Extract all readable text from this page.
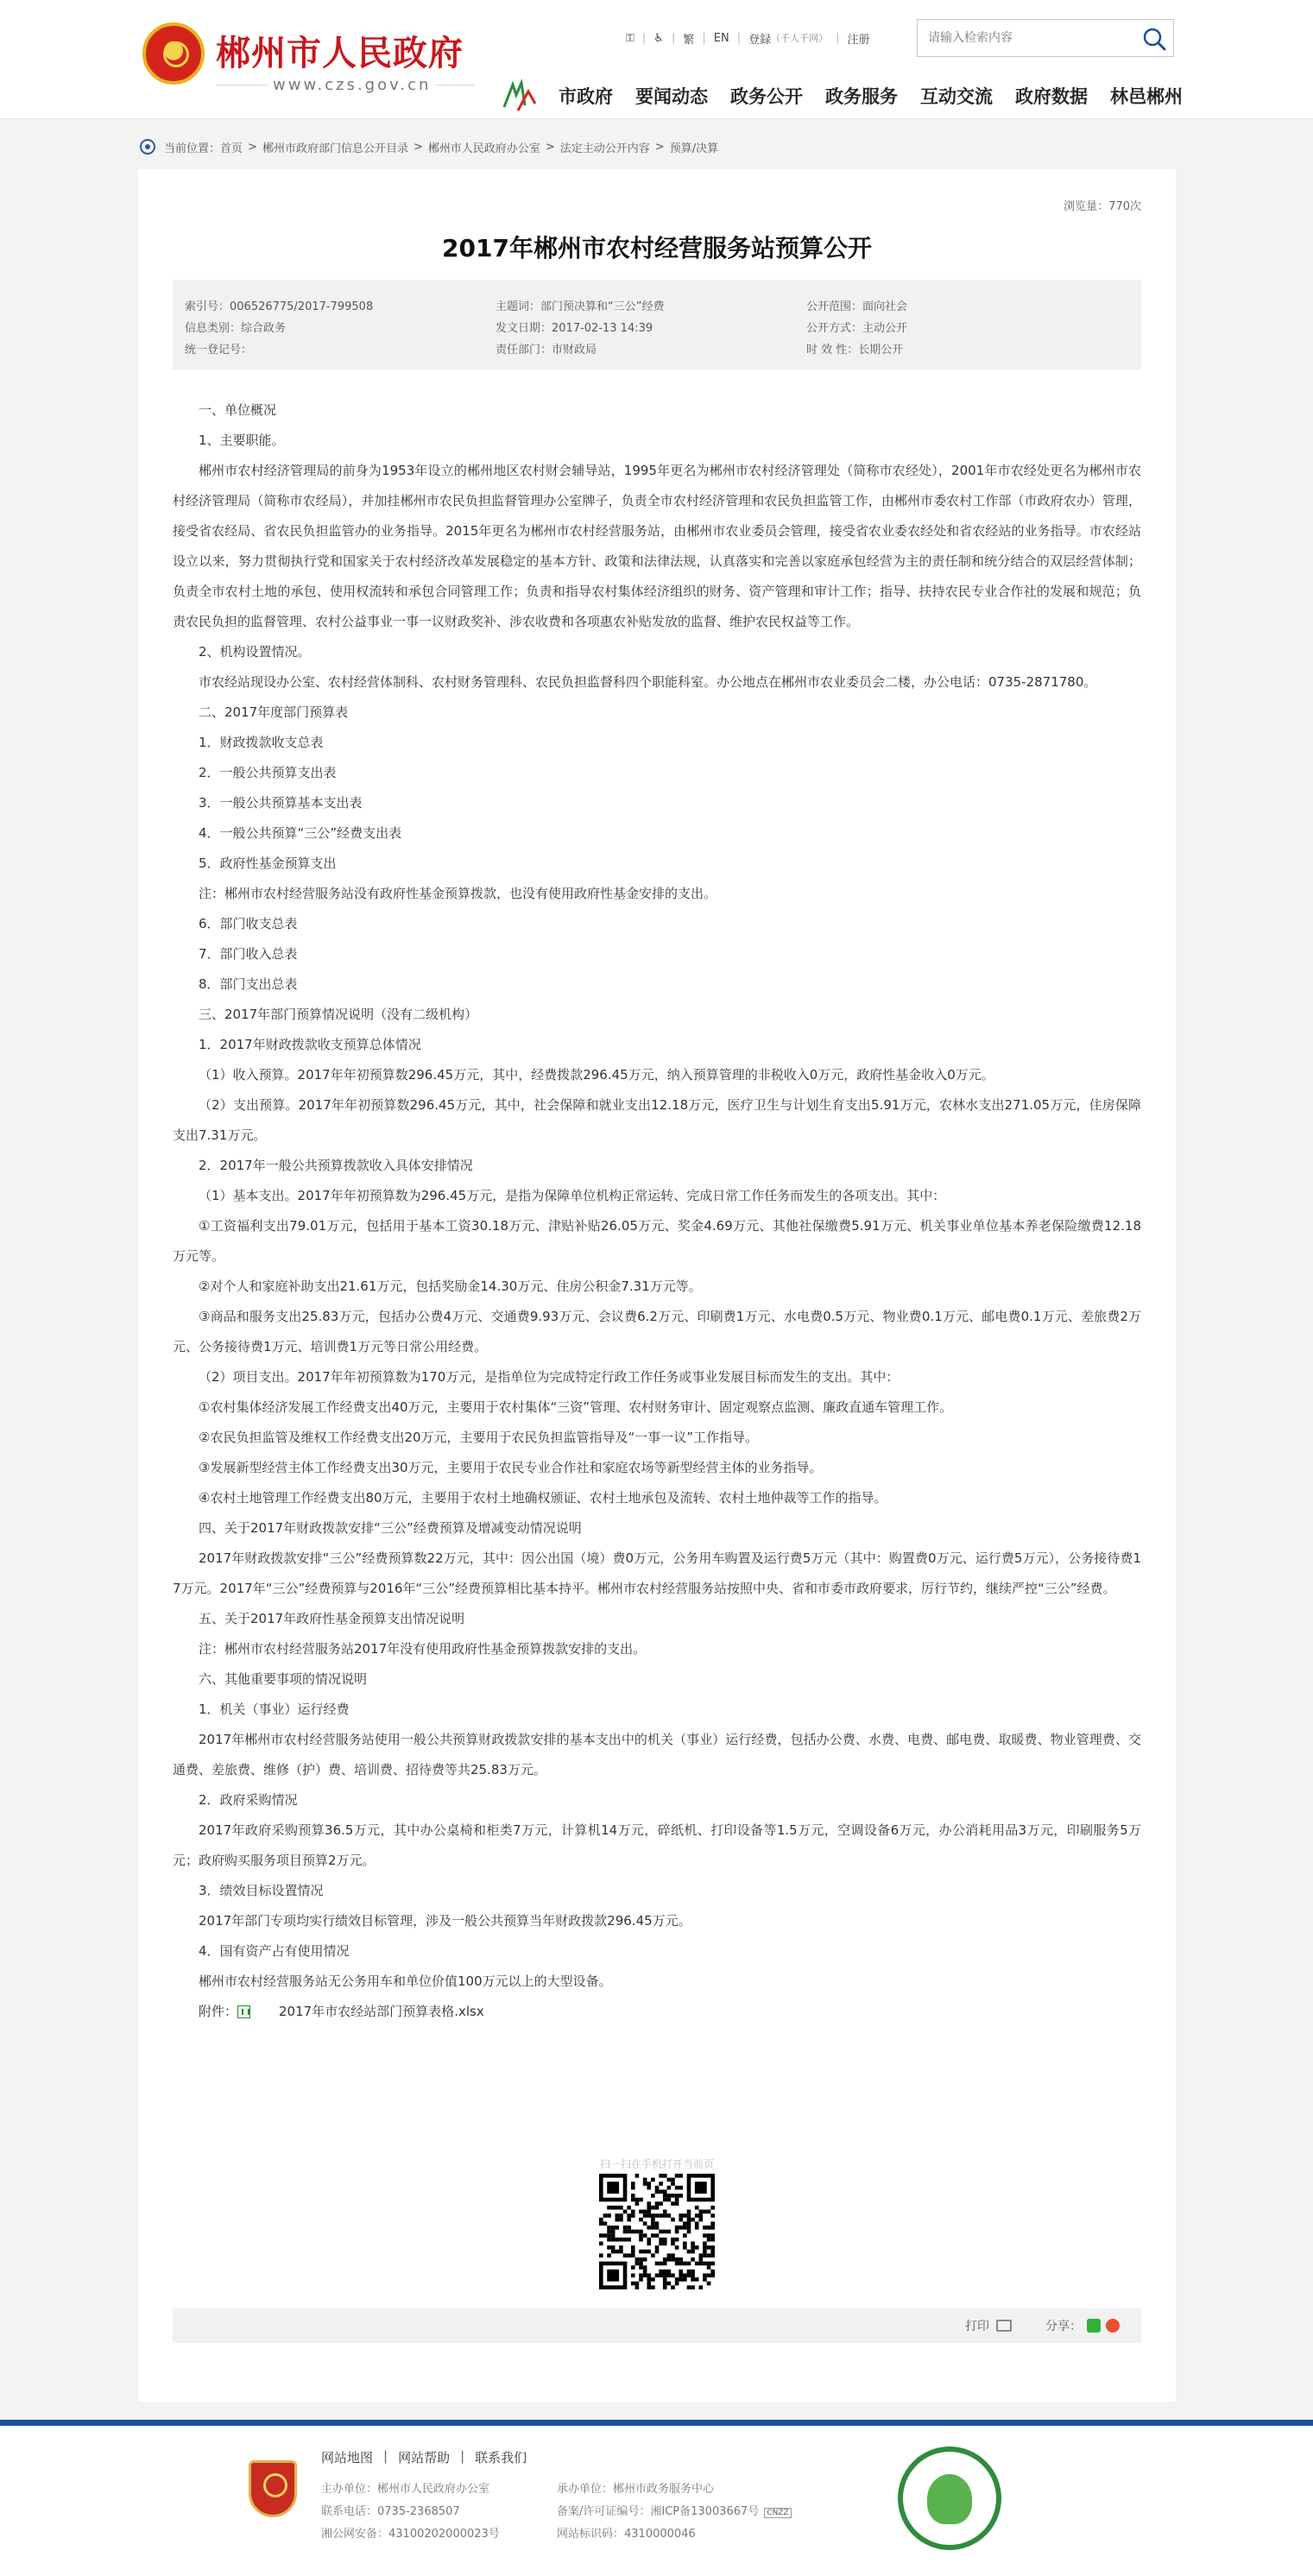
郴州市人民政府
www.czs.gov.cn
⚿ | ♿ | 繁 | EN | 登録 （千人千网） | 注册
请输入检索内容
市政府 要闻动态 政务公开 政务服务 互动交流 政府数据 林邑郴州
当前位置： 首页 > 郴州市政府部门信息公开目录 > 郴州市人民政府办公室 > 法定主动公开内容 > 预算/决算
浏览量：770次
2017年郴州市农村经营服务站预算公开
索引号：006526775/2017-799508	主题词：部门预决算和“三公”经费	公开范围：面向社会
信息类别：综合政务	发文日期：2017-02-13 14:39	公开方式：主动公开
统一登记号：	责任部门：市财政局	时 效 性：长期公开

一、单位概况

1、主要职能。

郴州市农村经济管理局的前身为1953年设立的郴州地区农村财会辅导站，1995年更名为郴州市农村经济管理处（简称市农经处），2001年市农经处更名为郴州市农村经济管理局（简称市农经局），并加挂郴州市农民负担监督管理办公室牌子，负责全市农村经济管理和农民负担监管工作，由郴州市委农村工作部（市政府农办）管理，接受省农经局、省农民负担监管办的业务指导。2015年更名为郴州市农村经营服务站，由郴州市农业委员会管理，接受省农业委农经处和省农经站的业务指导。市农经站设立以来，努力贯彻执行党和国家关于农村经济改革发展稳定的基本方针、政策和法律法规，认真落实和完善以家庭承包经营为主的责任制和统分结合的双层经营体制；负责全市农村土地的承包、使用权流转和承包合同管理工作；负责和指导农村集体经济组织的财务、资产管理和审计工作；指导、扶持农民专业合作社的发展和规范；负责农民负担的监督管理、农村公益事业一事一议财政奖补、涉农收费和各项惠农补贴发放的监督、维护农民权益等工作。

2、机构设置情况。

市农经站现设办公室、农村经营体制科、农村财务管理科、农民负担监督科四个职能科室。办公地点在郴州市农业委员会二楼，办公电话：0735-2871780。

二、2017年度部门预算表

1．财政拨款收支总表

2．一般公共预算支出表

3．一般公共预算基本支出表

4．一般公共预算“三公”经费支出表

5．政府性基金预算支出

注：郴州市农村经营服务站没有政府性基金预算拨款，也没有使用政府性基金安排的支出。

6．部门收支总表

7．部门收入总表

8．部门支出总表

三、2017年部门预算情况说明（没有二级机构）

1．2017年财政拨款收支预算总体情况

（1）收入预算。2017年年初预算数296.45万元，其中，经费拨款296.45万元，纳入预算管理的非税收入0万元，政府性基金收入0万元。

（2）支出预算。2017年年初预算数296.45万元，其中，社会保障和就业支出12.18万元，医疗卫生与计划生育支出5.91万元，农林水支出271.05万元，住房保障支出7.31万元。

2．2017年一般公共预算拨款收入具体安排情况

（1）基本支出。2017年年初预算数为296.45万元，是指为保障单位机构正常运转、完成日常工作任务而发生的各项支出。其中：

①工资福利支出79.01万元，包括用于基本工资30.18万元、津贴补贴26.05万元、奖金4.69万元、其他社保缴费5.91万元、机关事业单位基本养老保险缴费12.18万元等。

②对个人和家庭补助支出21.61万元，包括奖励金14.30万元、住房公积金7.31万元等。

③商品和服务支出25.83万元，包括办公费4万元、交通费9.93万元、会议费6.2万元、印刷费1万元、水电费0.5万元、物业费0.1万元、邮电费0.1万元、差旅费2万元、公务接待费1万元、培训费1万元等日常公用经费。

（2）项目支出。2017年年初预算数为170万元，是指单位为完成特定行政工作任务或事业发展目标而发生的支出。其中：

①农村集体经济发展工作经费支出40万元，主要用于农村集体“三资”管理、农村财务审计、固定观察点监测、廉政直通车管理工作。

②农民负担监管及维权工作经费支出20万元，主要用于农民负担监管指导及“一事一议”工作指导。

③发展新型经营主体工作经费支出30万元，主要用于农民专业合作社和家庭农场等新型经营主体的业务指导。

④农村土地管理工作经费支出80万元，主要用于农村土地确权颁证、农村土地承包及流转、农村土地仲裁等工作的指导。

四、关于2017年财政拨款安排“三公”经费预算及增减变动情况说明

2017年财政拨款安排“三公”经费预算数22万元，其中：因公出国（境）费0万元，公务用车购置及运行费5万元（其中：购置费0万元、运行费5万元），公务接待费17万元。2017年“三公”经费预算与2016年“三公”经费预算相比基本持平。郴州市农村经营服务站按照中央、省和市委市政府要求，厉行节约，继续严控“三公”经费。

五、关于2017年政府性基金预算支出情况说明

注：郴州市农村经营服务站2017年没有使用政府性基金预算拨款安排的支出。

六、其他重要事项的情况说明

1．机关（事业）运行经费

2017年郴州市农村经营服务站使用一般公共预算财政拨款安排的基本支出中的机关（事业）运行经费，包括办公费、水费、电费、邮电费、取暖费、物业管理费、交通费、差旅费、维修（护）费、培训费、招待费等共25.83万元。

2．政府采购情况

2017年政府采购预算36.5万元，其中办公桌椅和柜类7万元，计算机14万元，碎纸机、打印设备等1.5万元，空调设备6万元，办公消耗用品3万元，印刷服务5万元；政府购买服务项目预算2万元。

3．绩效目标设置情况

2017年部门专项均实行绩效目标管理，涉及一般公共预算当年财政拨款296.45万元。

4．国有资产占有使用情况

郴州市农村经营服务站无公务用车和单位价值100万元以上的大型设备。

附件：	2017年市农经站部门预算表格.xlsx

扫一扫在手机打开当前页
打印	分享：
网站地图 | 网站帮助 | 联系我们
主办单位：郴州市人民政府办公室	承办单位：郴州市政务服务中心
联系电话：0735-2368507	备案/许可证编号：湘ICP备13003667号 CNZZ
湘公网安备：43100202000023号	网站标识码：4310000046
